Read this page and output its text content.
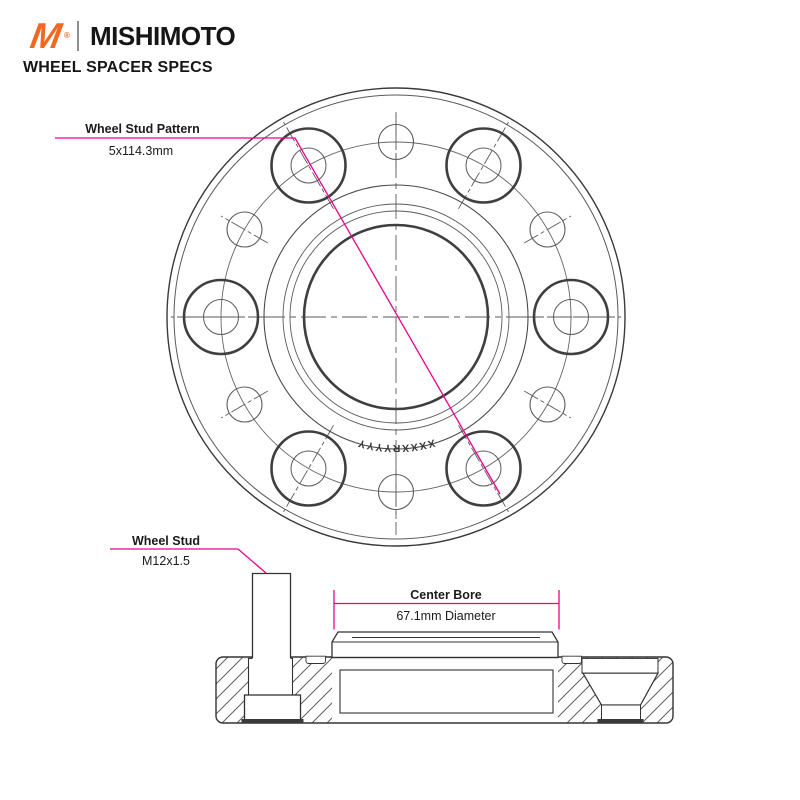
M ® MISHIMOTO
WHEEL SPACER SPECS
XXXXRYYYY
Wheel Stud Pattern
5x114.3mm
Wheel Stud
M12x1.5
Center Bore
67.1mm Diameter
